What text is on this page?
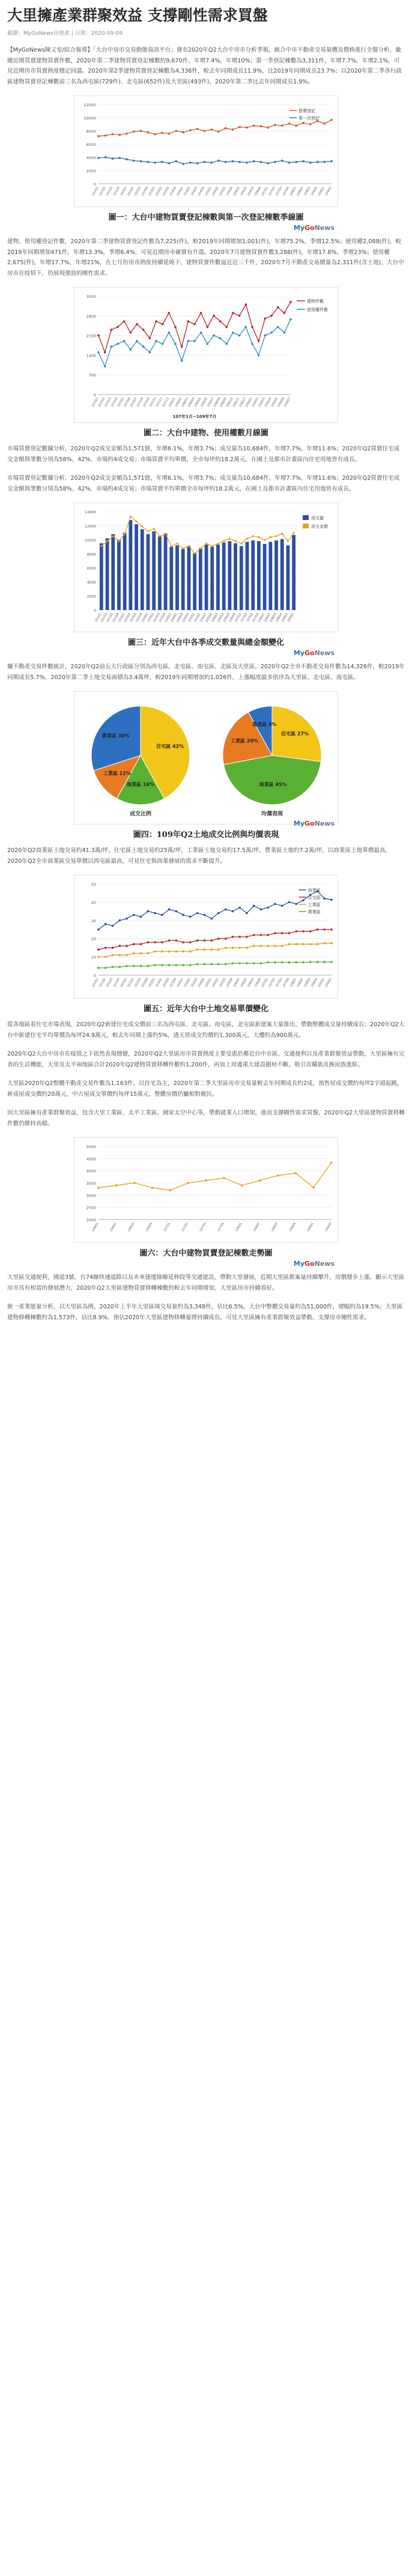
大里擁產業群聚效益 支撐剛性需求買盤
範圍：MyGoNews房地產 | 日期：2020-09-09

【MyGoNews陳又安/綜合報導】「大台中房市交易動態資訊平台」發布2020年Q2大台中房市分析季報，統合中市不動產交易量體及價格進行全盤分析，彙總近期買賣建物買賣件數，2020年第二季建物買賣登記棟數約9,670件，年增7.4%，年增10%；第一季登記棟數為3,311件，年增7.7%，年增2.1%，可見近期房市買賣熱度穩定回溫。2020年第2季建物買賣登記棟數為4,336件，較去年同期成長11.9%，比2019年同期成長23.7%；以2020年第二季各行政區建物買賣登記棟數前三名為西屯區(729件)、北屯區(652件)及大里區(493件)，2020年第二季比去年同期成長1.9%。

0
2000
4000
6000
8000
10000
12000
101Q1
101Q2
101Q3
101Q4
102Q1
102Q2
102Q3
102Q4
103Q1
103Q2
103Q3
103Q4
104Q1
104Q2
104Q3
104Q4
105Q1
105Q2
105Q3
105Q4
106Q1
106Q2
106Q3
106Q4
107Q1
107Q2
107Q3
107Q4
108Q1
108Q2
108Q3
108Q4
109Q1
109Q2
買賣登記
第一次登記
圖一：大台中建物買賣登記棟數與第一次登記棟數季線圖
MyGoNews

建物、使用權登記件數，2020年第二季建物買賣登記件數為7,225(件)，較2019年同期增加1,001(件)，年增75.2%，季增12.5%；使用權2,088(件)，較2019年同期增加471件，年增13.3%，季增6.4%，可見近期房市確實有升溫。2020年7月建物買賣件數3,288(件)，年增17.8%，季增23%；使用權2,675(件)，年增17.7%，年增21%，在七月份房市熱度持續延燒下，建物買賣件數逼近近三千件，2020年7月不動產交易總量為2,311件(含土地)，大台中房市在疫情下，仍展現強勁的剛性需求。

0
700
1400
2100
2800
3500
107/01
107/02
107/03
107/04
107/05
107/06
107/07
107/08
107/09
107/10
107/11
107/12
108/01
108/02
108/03
108/04
108/05
108/06
108/07
108/08
108/09
108/10
108/11
108/12
109/01
109/02
109/03
109/04
109/05
109/06
109/07
建物件數
使用權件數
107年1月~109年7月
圖二：大台中建物、使用權數月線圖

市場買賣登記數據分析，2020年Q2成交金額為1,571億，年增6.1%，年增3.7%；成交量為10,684件，年增7.7%，年增11.6%；2020年Q2買賣住宅成交金額與筆數分別為58%、42%，市場約4成交易；市場買賣平均單價，全市每坪約18.2萬元，在國土及都市計畫區內住宅用地皆有成長。

市場買賣登記數據分析，2020年Q2成交金額為1,571億，年增6.1%，年增3.7%；成交量為10,684件，年增7.7%，年增11.6%；2020年Q2買賣住宅成交金額與筆數分別為58%、42%，市場約4成交易；市場買賣平均單價全市每坪約18.2萬元，在國土及都市計畫區內住宅用地皆有成長。

0
2000
4000
6000
8000
10000
12000
14000
101Q1
101Q2
101Q3
101Q4
102Q1
102Q2
102Q3
102Q4
103Q1
103Q2
103Q3
103Q4
104Q1
104Q2
104Q3
104Q4
105Q1
105Q2
105Q3
105Q4
106Q1
106Q2
106Q3
106Q4
107Q1
107Q2
107Q3
107Q4
108Q1
108Q2
108Q3
108Q4
109Q1
109Q2
成交量
成交金額
圖三：近年大台中各季成交數量與總金額變化
MyGoNews

據不動產交易件數統計，2020年Q2前五大行政區分別為西屯區、北屯區、南屯區、北區及大里區，2020年Q2全市不動產交易件數為14,326件，較2019年同期成長5.7%，2020年第二季土地交易面積為3.4萬坪，較2019年同期增加約1,026件，上漲幅度最多依序為大里區、北屯區、南屯區。

住宅區 42%
商業區 16%
工業區 12%
農業區 30%
成交比例
住宅區 27%
商業區 45%
工業區 20%
農業區 8%
均價表現
圖四：109年Q2土地成交比例與均價表現
MyGoNews

2020年Q2商業區土地交易約41.3萬/坪，住宅區土地交易約25萬/坪，工業區土地交易約17.5萬/坪，農業區土地約7.2萬/坪，以商業區土地單價最高，2020年Q2全市商業區交易單價以西屯區最高，可見住宅與商業發展的需求不斷提升。

0
10
20
30
40
50
101Q1
101Q2
101Q3
101Q4
102Q1
102Q2
102Q3
102Q4
103Q1
103Q2
103Q3
103Q4
104Q1
104Q2
104Q3
104Q4
105Q1
105Q2
105Q3
105Q4
106Q1
106Q2
106Q3
106Q4
107Q1
107Q2
107Q3
107Q4
108Q1
108Q2
108Q3
108Q4
109Q1
109Q2
商業區
住宅區
工業區
農業區
圖五：近年大台中土地交易單價變化

從各地區看住宅市場表現，2020年Q2新建住宅成交價前三名為西屯區、北屯區、南屯區，北屯區新建案大量推出，帶動整體成交量持續成長；2020年Q2大台中新建住宅平均單價為每坪24.9萬元，較去年同期上漲約5%，透天厝成交均價約1,300萬元，大樓約為900萬元。

2020年Q2大台中房市在疫情之下依然表現穩健，2020年Q2大里區房市買賣熱度主要受惠於鄰近台中市區、交通便利以及產業群聚效益帶動，大里區擁有完善的生活機能，大里及太平兩地區合計2020年Q2建物買賣移轉件數約1,200件，再加上周邊重大建設題材不斷，吸引首購族及換屋族進駐。

大里區2020年Q2整體不動產交易件數為1,163件，以住宅為主，2020年第二季大里區房市交易量較去年同期成長約2成，預售屋成交價約每坪2字頭起跳，新成屋成交價約20萬元，中古屋成交單價約每坪15萬元，整體房價仍屬相對親民。

因大里區擁有產業群聚效益，包含大里工業區、太平工業區、國家太空中心等，帶動就業人口增加，進而支撐剛性需求買盤，2020年Q2大里區建物買賣移轉件數仍維持高檔。

2000
2500
3000
3500
4000
4500
5000
106Q1	106Q2	106Q3	106Q4	107Q1	107Q2	107Q3	107Q4	108Q1	108Q2	108Q3	108Q4	109Q1	109Q2
圖六：大台中建物買賣登記棟數走勢圖
MyGoNews

大里區交通便利，國道3號、台74線快速道路以及未來捷運綠線延伸段等交通建設，帶動大里發展，近期大里區推案量持續攀升，房價穩步上漲，顯示大里區房市具有相當的發展潛力，2020年Q2大里區建物買賣移轉棟數約較去年同期增加，大里區房市持續看好。

統一產業能量分析，以大里區為例，2020年上半年大里區域交易量約為3,348件，佔比6.5%，大台中整體交易量約為51,000件，增幅約為19.5%；大里區建物移轉棟數約為1,573件，佔比8.9%，預估2020年大里區建物移轉量將持續成長，可見大里區擁有產業群聚效益帶動，支撐房市剛性需求。
